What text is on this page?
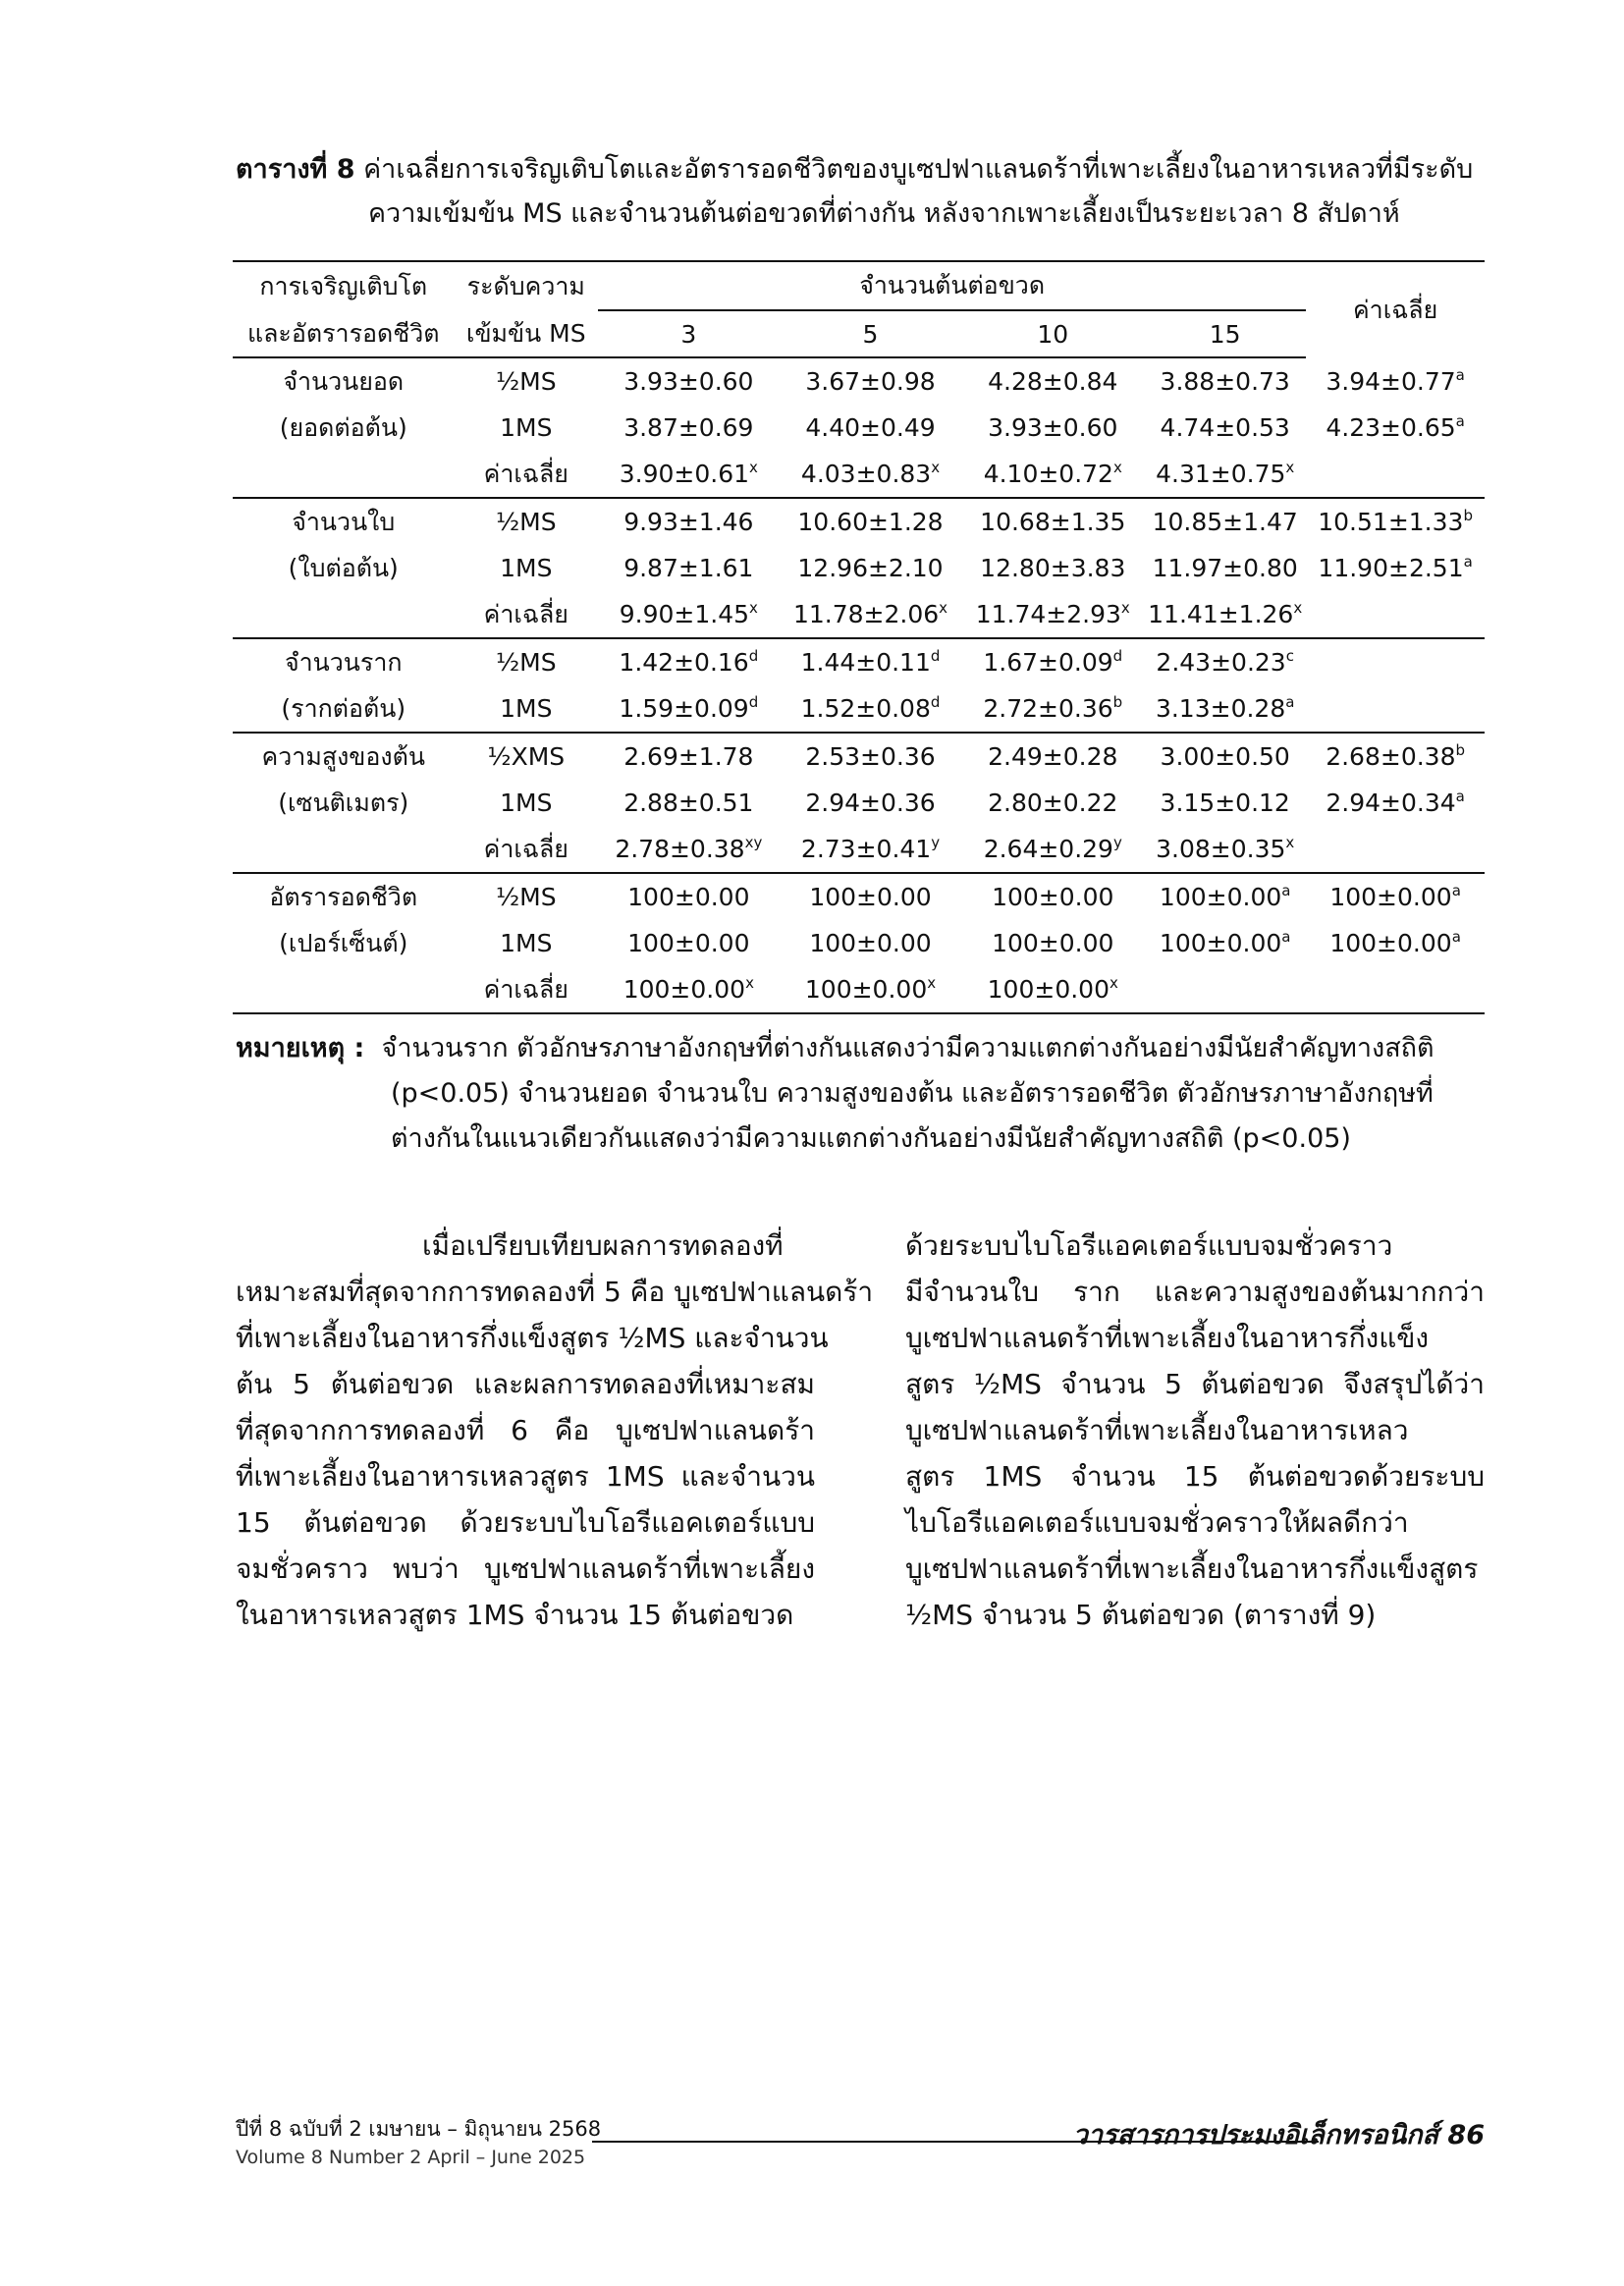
ตารางที่ 8 ค่าเฉลี่ยการเจริญเติบโตและอัตรารอดชีวิตของบูเซปฟาแลนดร้าที่เพาะเลี้ยงในอาหารเหลวที่มีระดับ
ความเข้มข้น MS และจำนวนต้นต่อขวดที่ต่างกัน หลังจากเพาะเลี้ยงเป็นระยะเวลา 8 สัปดาห์
การเจริญเติบโต	ระดับความ	จำนวนต้นต่อขวด				ค่าเฉลี่ย
และอัตรารอดชีวิต	เข้มข้น MS	3	5	10	15	
จำนวนยอด	½MS	3.93±0.60	3.67±0.98	4.28±0.84	3.88±0.73	3.94±0.77$^a$
(ยอดต่อต้น)	1MS	3.87±0.69	4.40±0.49	3.93±0.60	4.74±0.53	4.23±0.65$^a$
	ค่าเฉลี่ย	$3.90\pm 0.61^x$	$4.03\pm 0.83^x$	$4.10\pm 0.72^x$	$4.31\pm 0.75^x$	
จำนวนใบ	½MS	9.93±1.46	10.60±1.28	10.68±1.35	10.85±1.47	10.51±1.33$^b$
(ใบต่อต้น)	1MS	9.87±1.61	12.96±2.10	12.80±3.83	11.97±0.80	11.90±2.51$^a$
	ค่าเฉลี่ย	$9.90\pm 1.45^x$	$11.78\pm 2.06^x$	$11.74\pm 2.93^x$	$11.41\pm 1.26^x$	
จำนวนราก	½MS	1.42±0.16$^d$	1.44±0.11$^d$	1.67±0.09$^d$	2.43±0.23$^c$	
(รากต่อต้น)	1MS	1.59±0.09$^d$	1.52±0.08$^d$	2.72±0.36$^b$	3.13±0.28$^a$	
ความสูงของต้น	½XMS	2.69±1.78	2.53±0.36	2.49±0.28	3.00±0.50	2.68±0.38$^b$
(เซนติเมตร)	1MS	2.88±0.51	2.94±0.36	2.80±0.22	3.15±0.12	2.94±0.34$^a$
	ค่าเฉลี่ย	$2.78\pm 0.38^{xy}$	$2.73\pm 0.41^y$	$2.64\pm 0.29^y$	$3.08\pm 0.35^x$	
อัตรารอดชีวิต	½MS	100±0.00	100±0.00	100±0.00	100±0.00$^a$	100±0.00$^a$
(เปอร์เซ็นต์)	1MS	100±0.00	100±0.00	100±0.00	100±0.00$^a$	100±0.00$^a$
	ค่าเฉลี่ย	$100\pm 0.00^x$	$100\pm 0.00^x$	$100\pm 0.00^x$		
หมายเหตุ : จำนวนราก ตัวอักษรภาษาอังกฤษที่ต่างกันแสดงว่ามีความแตกต่างกันอย่างมีนัยสำคัญทางสถิติ
(p<0.05) จำนวนยอด จำนวนใบ ความสูงของต้น และอัตรารอดชีวิต ตัวอักษรภาษาอังกฤษที่
ต่างกันในแนวเดียวกันแสดงว่ามีความแตกต่างกันอย่างมีนัยสำคัญทางสถิติ (p<0.05)
เมื่อเปรียบเทียบผลการทดลองที่
เหมาะสมที่สุดจากการทดลองที่ 5 คือ บูเซปฟาแลนดร้า
ที่เพาะเลี้ยงในอาหารกึ่งแข็งสูตร ½MS และจำนวน
ต้น 5 ต้นต่อขวด และผลการทดลองที่เหมาะสม
ที่สุดจากการทดลองที่ 6 คือ บูเซปฟาแลนดร้า
ที่เพาะเลี้ยงในอาหารเหลวสูตร 1MS และจำนวน
15 ต้นต่อขวด ด้วยระบบไบโอรีแอคเตอร์แบบ
จมชั่วคราว พบว่า บูเซปฟาแลนดร้าที่เพาะเลี้ยง
ในอาหารเหลวสูตร 1MS จำนวน 15 ต้นต่อขวด
ด้วยระบบไบโอรีแอคเตอร์แบบจมชั่วคราว
มีจำนวนใบ ราก และความสูงของต้นมากกว่า
บูเซปฟาแลนดร้าที่เพาะเลี้ยงในอาหารกึ่งแข็ง
สูตร ½MS จำนวน 5 ต้นต่อขวด จึงสรุปได้ว่า
บูเซปฟาแลนดร้าที่เพาะเลี้ยงในอาหารเหลว
สูตร 1MS จำนวน 15 ต้นต่อขวดด้วยระบบ
ไบโอรีแอคเตอร์แบบจมชั่วคราวให้ผลดีกว่า
บูเซปฟาแลนดร้าที่เพาะเลี้ยงในอาหารกึ่งแข็งสูตร
½MS จำนวน 5 ต้นต่อขวด (ตารางที่ 9)
ปีที่ 8 ฉบับที่ 2 เมษายน – มิถุนายน 2568
Volume 8 Number 2 April – June 2025
วารสารการประมงอิเล็กทรอนิกส์ 86
